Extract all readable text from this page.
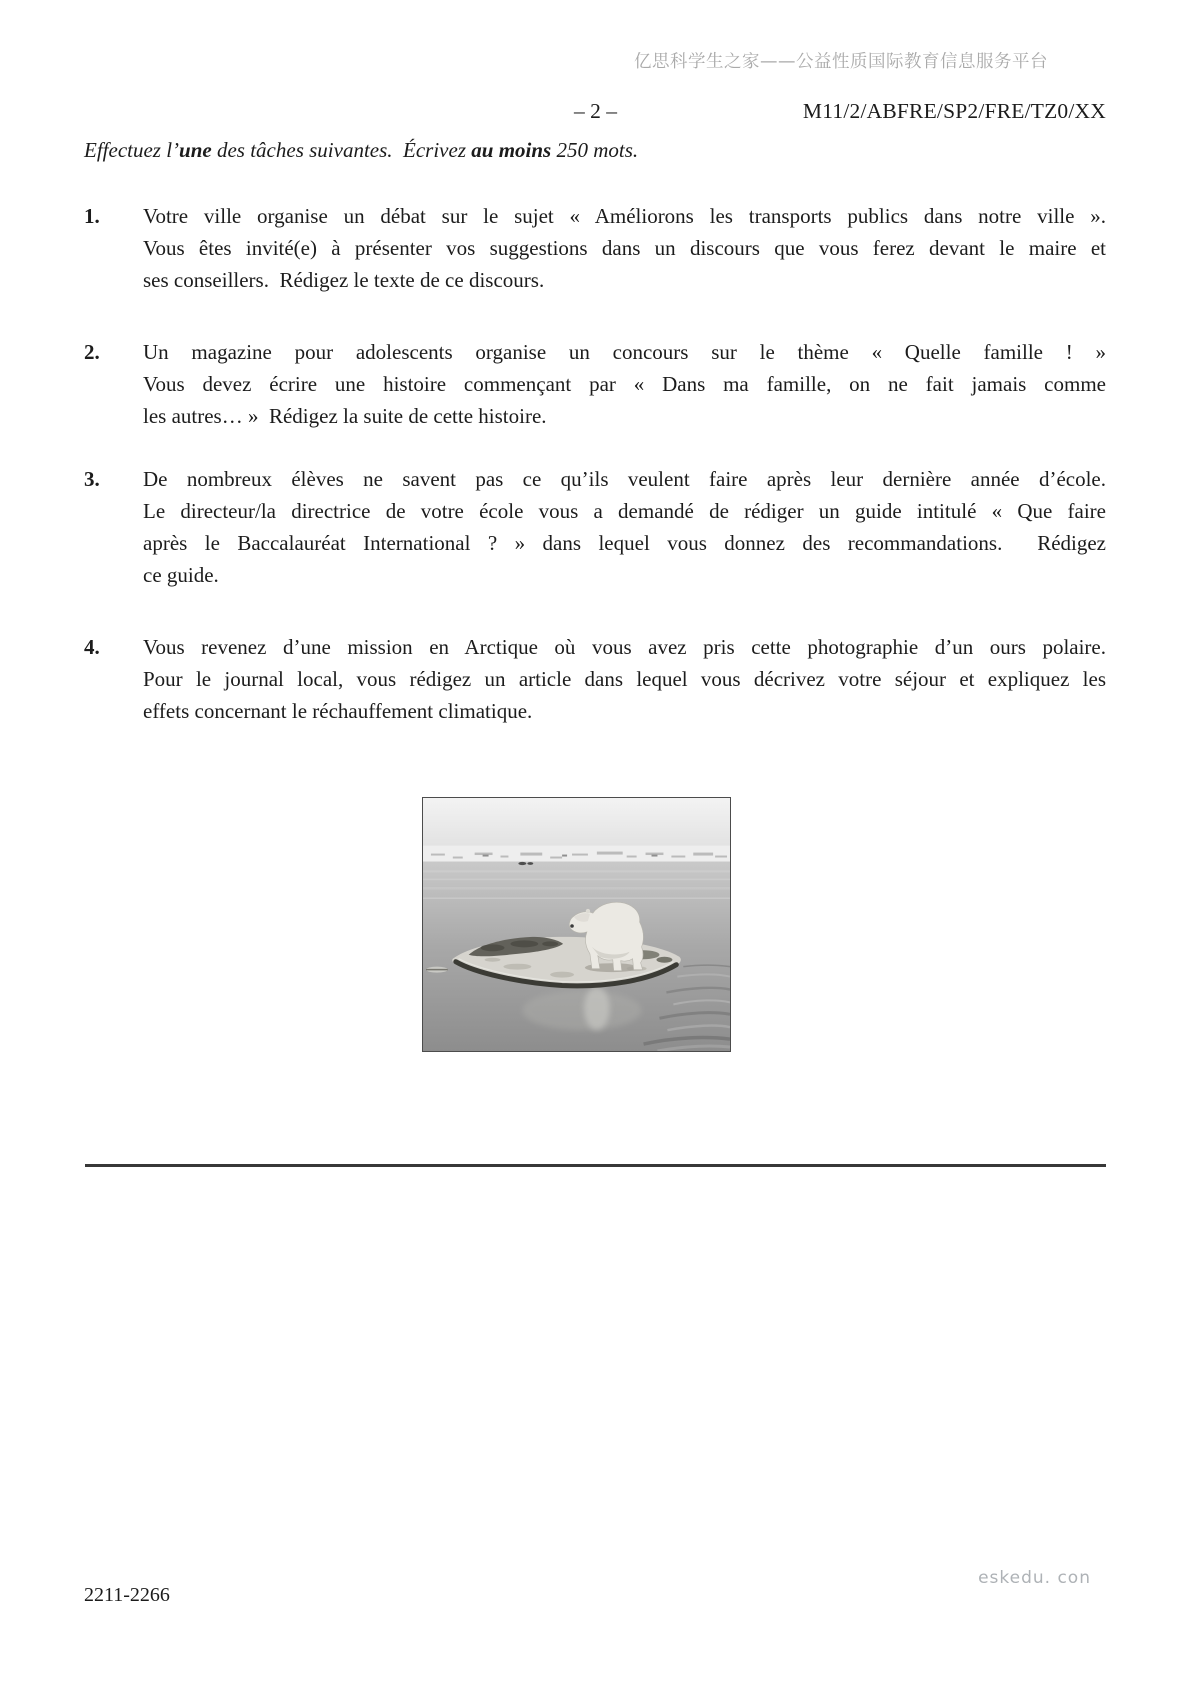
亿思科学生之家——公益性质国际教育信息服务平台
– 2 –	M11/2/ABFRE/SP2/FRE/TZ0/XX

Effectuez l’une des tâches suivantes.  Écrivez au moins 250 mots.

1.	Votre ville organise un débat sur le sujet « Améliorons les transports publics dans notre ville ».
Vous êtes invité(e) à présenter vos suggestions dans un discours que vous ferez devant le maire et
ses conseillers.  Rédigez le texte de ce discours.
2.	Un magazine pour adolescents organise un concours sur le thème « Quelle famille ! »
Vous devez écrire une histoire commençant par « Dans ma famille, on ne fait jamais comme
les autres… »  Rédigez la suite de cette histoire.
3.	De nombreux élèves ne savent pas ce qu’ils veulent faire après leur dernière année d’école.
Le directeur/la directrice de votre école vous a demandé de rédiger un guide intitulé « Que faire
après le Baccalauréat International ? » dans lequel vous donnez des recommandations.  Rédigez
ce guide.
4.	Vous revenez d’une mission en Arctique où vous avez pris cette photographie d’un ours polaire.
Pour le journal local, vous rédigez un article dans lequel vous décrivez votre séjour et expliquez les
effets concernant le réchauffement climatique.
2211-2266
eskedu. con
